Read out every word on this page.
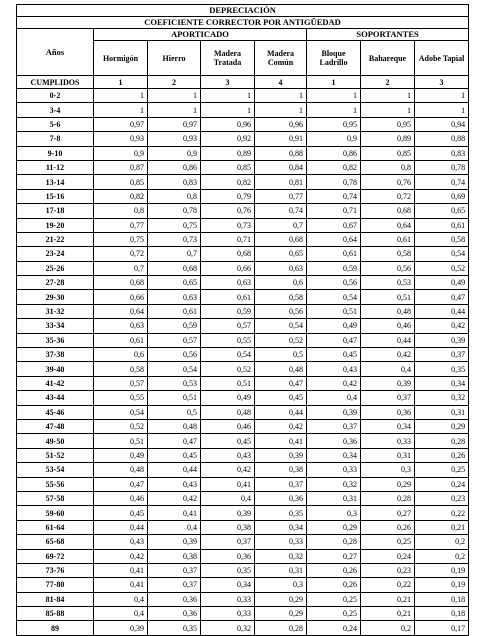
DEPRECIACIÓN							
COEFICIENTE CORRECTOR POR ANTIGÜEDAD							
Años	APORTICADO				SOPORTANTES		
	Hormigón	Hierro	Madera Tratada	Madera Común	Bloque Ladrillo	Bahareque	Adobe Tapial
CUMPLIDOS	1	2	3	4	1	2	3
0-2	1	1	1	1	1	1	1
3-4	1	1	1	1	1	1	1
5-6	0,97	0,97	0,96	0,96	0,95	0,95	0,94
7-8	0,93	0,93	0,92	0,91	0,9	0,89	0,88
9-10	0,9	0,9	0,89	0,88	0,86	0,85	0,83
11-12	0,87	0,86	0,85	0,84	0,82	0,8	0,78
13-14	0,85	0,83	0,82	0,81	0,78	0,76	0,74
15-16	0,82	0,8	0,79	0,77	0,74	0,72	0,69
17-18	0,8	0,78	0,76	0,74	0,71	0,68	0,65
19-20	0,77	0,75	0,73	0,7	0,67	0,64	0,61
21-22	0,75	0,73	0,71	0,68	0,64	0,61	0,58
23-24	0,72	0,7	0,68	0,65	0,61	0,58	0,54
25-26	0,7	0,68	0,66	0,63	0,59	0,56	0,52
27-28	0,68	0,65	0,63	0,6	0,56	0,53	0,49
29-30	0,66	0,63	0,61	0,58	0,54	0,51	0,47
31-32	0,64	0,61	0,59	0,56	0,51	0,48	0,44
33-34	0,63	0,59	0,57	0,54	0,49	0,46	0,42
35-36	0,61	0,57	0,55	0,52	0,47	0,44	0,39
37-38	0,6	0,56	0,54	0,5	0,45	0,42	0,37
39-40	0,58	0,54	0,52	0,48	0,43	0,4	0,35
41-42	0,57	0,53	0,51	0,47	0,42	0,39	0,34
43-44	0,55	0,51	0,49	0,45	0,4	0,37	0,32
45-46	0,54	0,5	0,48	0,44	0,39	0,36	0,31
47-48	0,52	0,48	0,46	0,42	0,37	0,34	0,29
49-50	0,51	0,47	0,45	0,41	0,36	0,33	0,28
51-52	0,49	0,45	0,43	0,39	0,34	0,31	0,26
53-54	0,48	0,44	0,42	0,38	0,33	0,3	0,25
55-56	0,47	0,43	0,41	0,37	0,32	0,29	0,24
57-58	0,46	0,42	0,4	0,36	0,31	0,28	0,23
59-60	0,45	0,41	0,39	0,35	0,3	0,27	0,22
61-64	0,44	0,4	0,38	0,34	0,29	0,26	0,21
65-68	0,43	0,39	0,37	0,33	0,28	0,25	0,2
69-72	0,42	0,38	0,36	0,32	0,27	0,24	0,2
73-76	0,41	0,37	0,35	0,31	0,26	0,23	0,19
77-80	0,41	0,37	0,34	0,3	0,26	0,22	0,19
81-84	0,4	0,36	0,33	0,29	0,25	0,21	0,18
85-88	0,4	0,36	0,33	0,29	0,25	0,21	0,18
89	0,39	0,35	0,32	0,28	0,24	0,2	0,17
